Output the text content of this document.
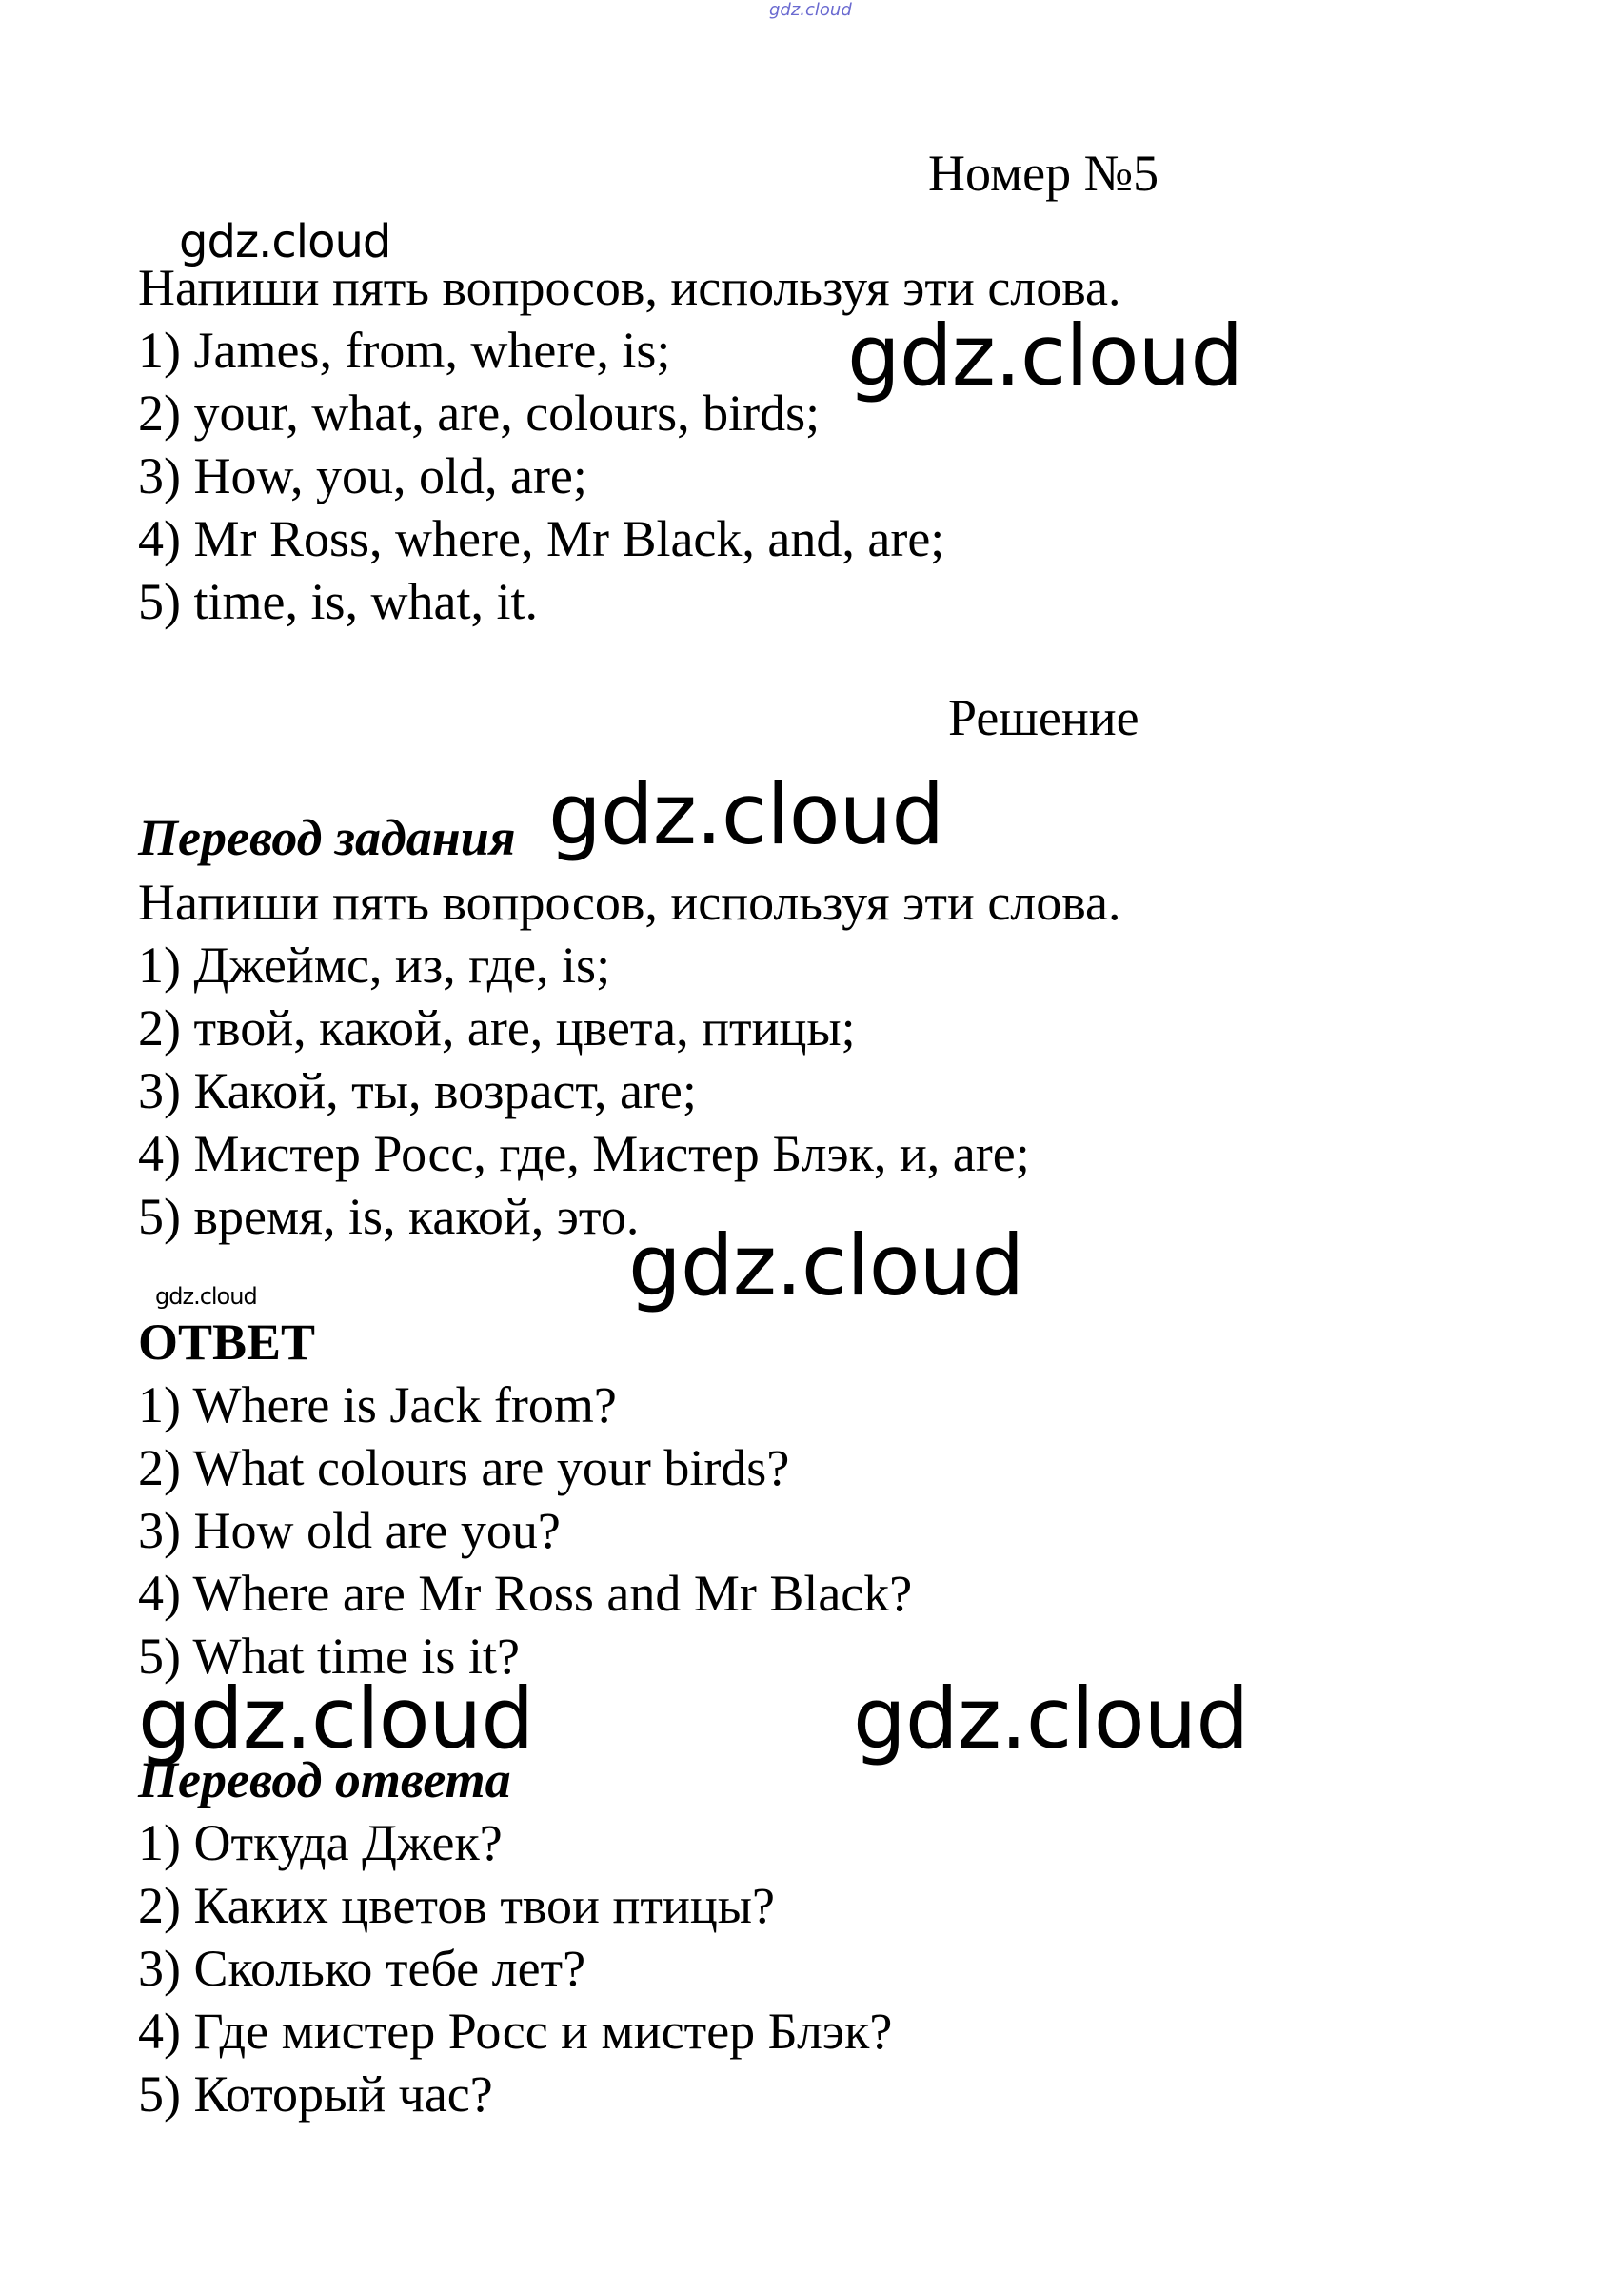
gdz.cloud
Номер №5
gdz.cloud
Напиши пять вопросов, используя эти слова.
1) James, from, where, is;
2) your, what, are, colours, birds;
3) How, you, old, are;
4) Mr Ross, where, Mr Black, and, are;
5) time, is, what, it.
gdz.cloud
Решение
Перевод задания gdz.cloud
Напиши пять вопросов, используя эти слова.
1) Джеймс, из, где, is;
2) твой, какой, are, цвета, птицы;
3) Какой, ты, возраст, are;
4) Мистер Росс, где, Мистер Блэк, и, are;
5) время, is, какой, это.
gdz.cloud
gdz.cloud
ОТВЕТ
1) Where is Jack from?
2) What colours are your birds?
3) How old are you?
4) Where are Mr Ross and Mr Black?
5) What time is it?
gdz.cloud	gdz.cloud
Перевод ответа
1) Откуда Джек?
2) Каких цветов твои птицы?
3) Сколько тебе лет?
4) Где мистер Росс и мистер Блэк?
5) Который час?
